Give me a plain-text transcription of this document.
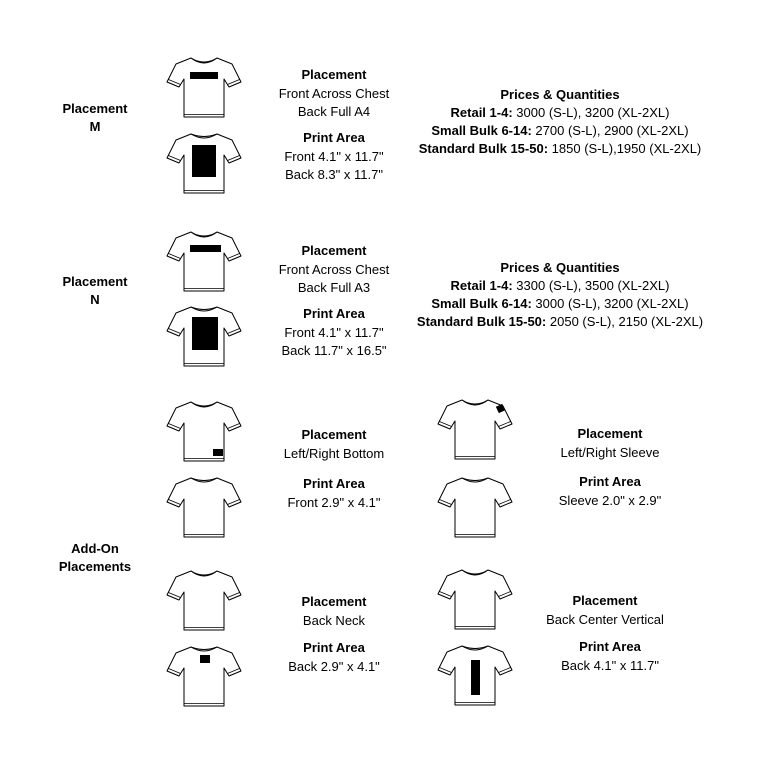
Placement
M
Placement
Front Across Chest
Back Full A4
Print Area
Front 4.1" x 11.7"
Back 8.3" x 11.7"
Prices & Quantities
Retail 1-4: 3000 (S-L), 3200 (XL-2XL)
Small Bulk 6-14: 2700 (S-L), 2900 (XL-2XL)
Standard Bulk 15-50: 1850 (S-L),1950 (XL-2XL)
Placement
N
Placement
Front Across Chest
Back Full A3
Print Area
Front 4.1" x 11.7"
Back 11.7" x 16.5"
Prices & Quantities
Retail 1-4: 3300 (S-L), 3500 (XL-2XL)
Small Bulk 6-14: 3000 (S-L), 3200 (XL-2XL)
Standard Bulk 15-50: 2050 (S-L), 2150 (XL-2XL)
Add-On
Placements
Placement
Left/Right Bottom
Print Area
Front 2.9" x 4.1"
Placement
Left/Right Sleeve
Print Area
Sleeve 2.0" x 2.9"
Placement
Back Neck
Print Area
Back 2.9" x 4.1"
Placement
Back Center Vertical
Print Area
Back 4.1" x 11.7"
